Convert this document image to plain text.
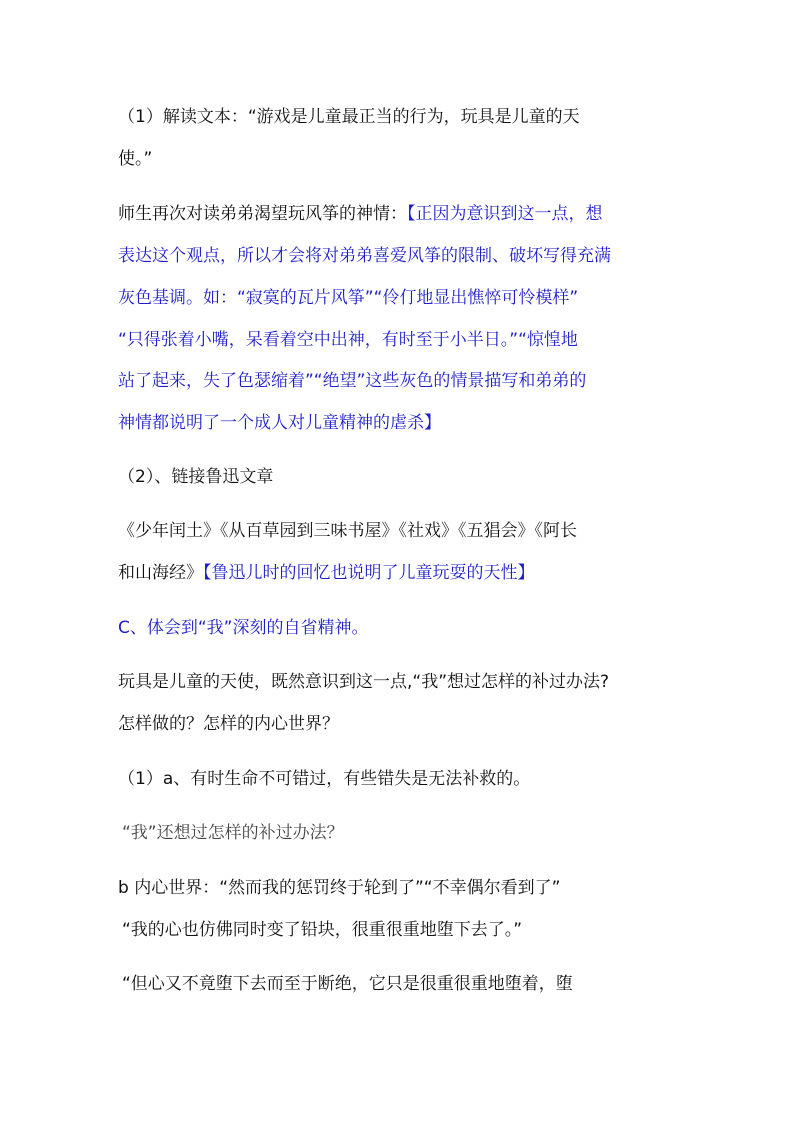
（1）解读文本：“游戏是儿童最正当的行为，玩具是儿童的天
使。”
师生再次对读弟弟渴望玩风筝的神情：【正因为意识到这一点，想
表达这个观点，所以才会将对弟弟喜爱风筝的限制、破坏写得充满
灰色基调。如：“寂寞的瓦片风筝”“伶仃地显出憔悴可怜模样”
“只得张着小嘴，呆看着空中出神，有时至于小半日。”“惊惶地
站了起来，失了色瑟缩着”“绝望”这些灰色的情景描写和弟弟的
神情都说明了一个成人对儿童精神的虐杀】
（2）、链接鲁迅文章
《少年闰土》《从百草园到三味书屋》《社戏》《五猖会》《阿长
和山海经》【鲁迅儿时的回忆也说明了儿童玩耍的天性】
C、体会到“我”深刻的自省精神。
玩具是儿童的天使，既然意识到这一点,“我”想过怎样的补过办法?
怎样做的？怎样的内心世界？
（1）a、有时生命不可错过，有些错失是无法补救的。
“我”还想过怎样的补过办法？
b 内心世界：“然而我的惩罚终于轮到了”“不幸偶尔看到了”
“我的心也仿佛同时变了铅块，很重很重地堕下去了。”
“但心又不竟堕下去而至于断绝，它只是很重很重地堕着，堕
